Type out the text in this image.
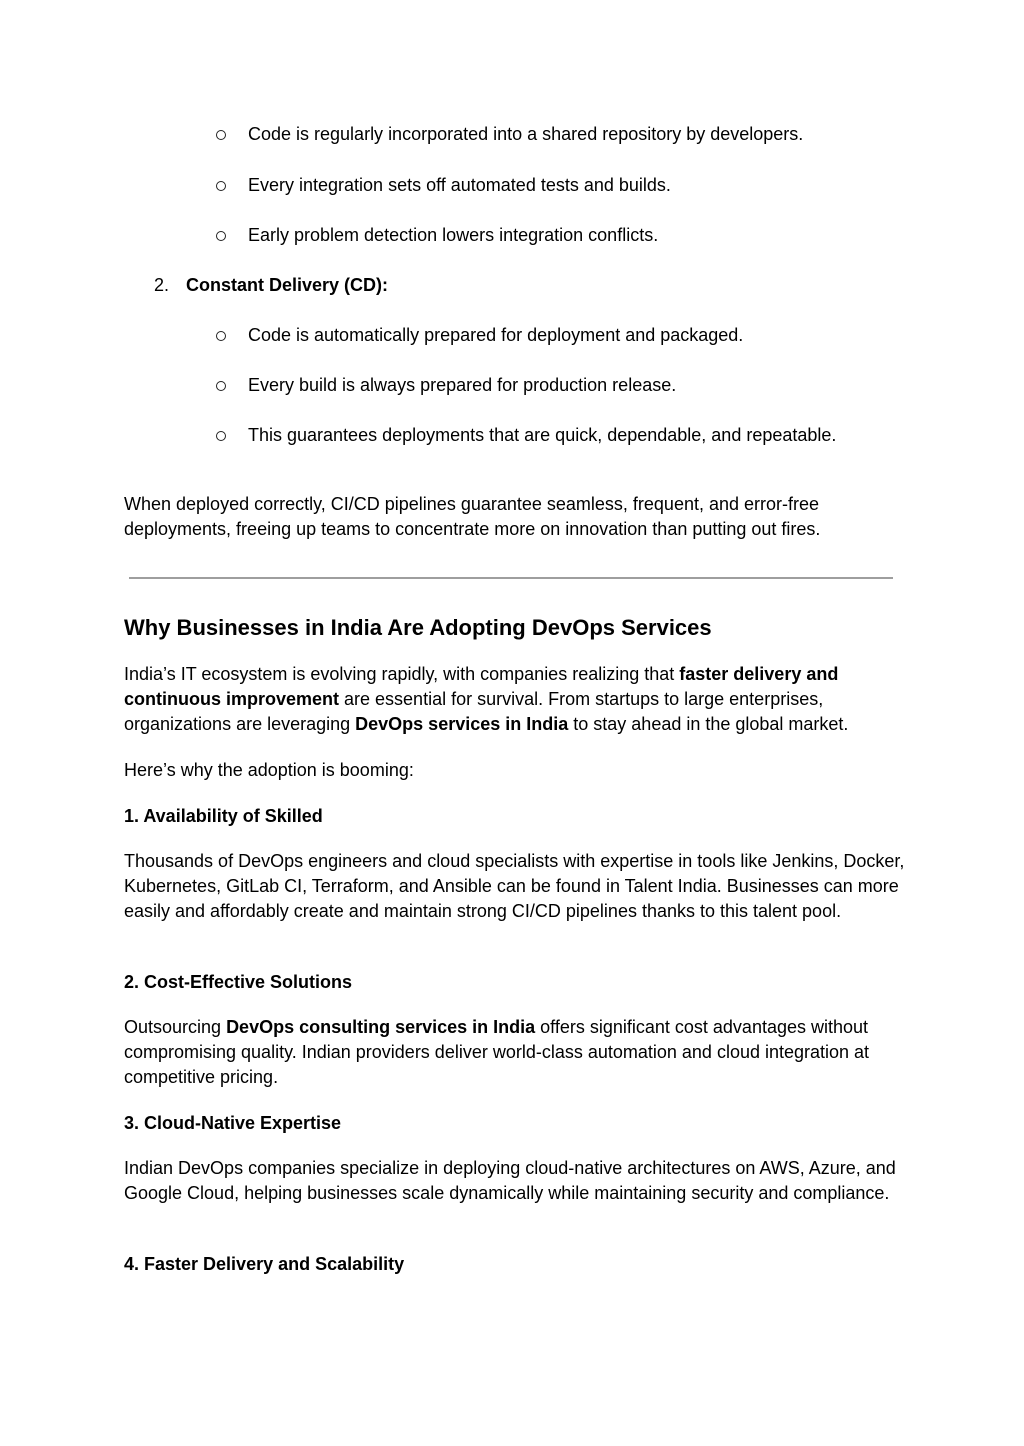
Code is regularly incorporated into a shared repository by developers.
Every integration sets off automated tests and builds.
Early problem detection lowers integration conflicts.
2. Constant Delivery (CD):
Code is automatically prepared for deployment and packaged.
Every build is always prepared for production release.
This guarantees deployments that are quick, dependable, and repeatable.

When deployed correctly, CI/CD pipelines guarantee seamless, frequent, and error-free deployments, freeing up teams to concentrate more on innovation than putting out fires.

Why Businesses in India Are Adopting DevOps Services

India’s IT ecosystem is evolving rapidly, with companies realizing that faster delivery and continuous improvement are essential for survival. From startups to large enterprises, organizations are leveraging DevOps services in India to stay ahead in the global market.

Here’s why the adoption is booming:

1. Availability of Skilled

Thousands of DevOps engineers and cloud specialists with expertise in tools like Jenkins, Docker, Kubernetes, GitLab CI, Terraform, and Ansible can be found in Talent India. Businesses can more easily and affordably create and maintain strong CI/CD pipelines thanks to this talent pool.

2. Cost-Effective Solutions

Outsourcing DevOps consulting services in India offers significant cost advantages without compromising quality. Indian providers deliver world-class automation and cloud integration at competitive pricing.

3. Cloud-Native Expertise

Indian DevOps companies specialize in deploying cloud-native architectures on AWS, Azure, and Google Cloud, helping businesses scale dynamically while maintaining security and compliance.

4. Faster Delivery and Scalability
